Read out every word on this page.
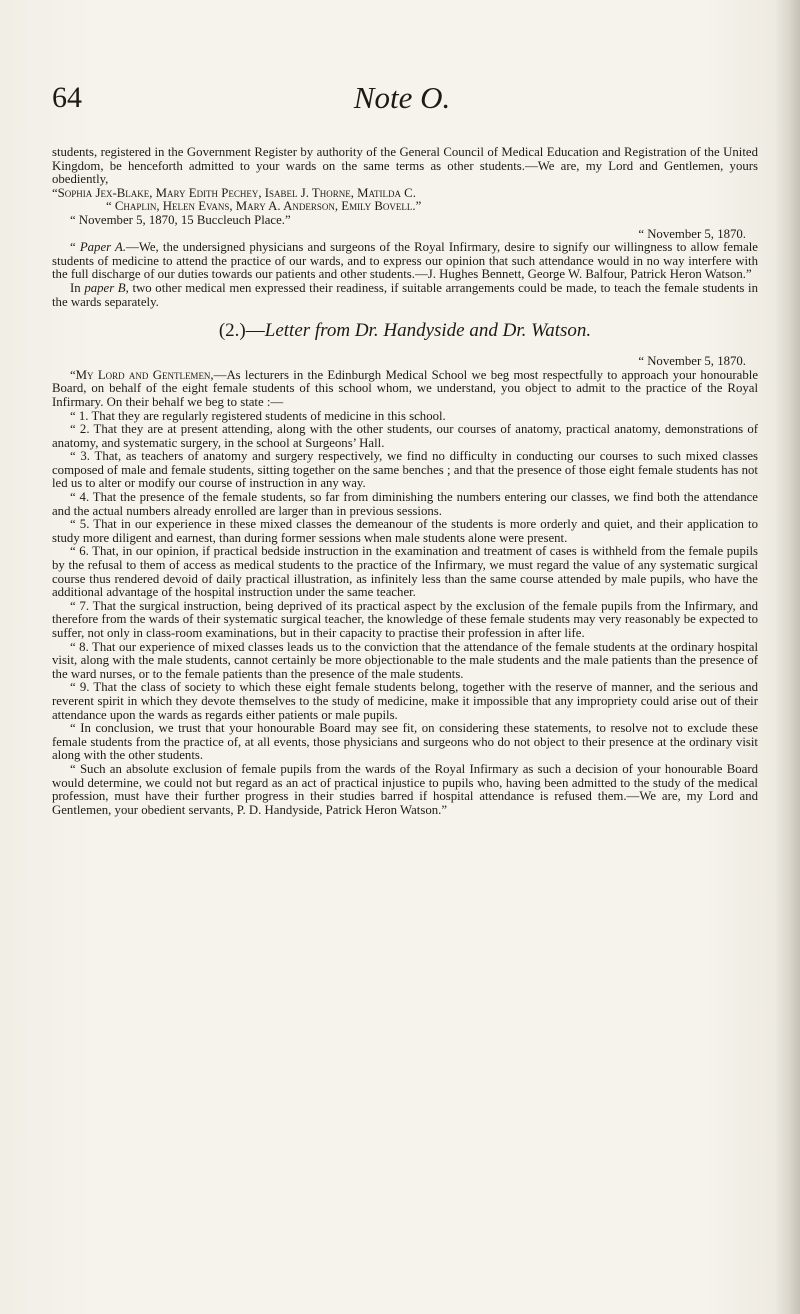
64	Note O.

students, registered in the Government Register by authority of the General Council of Medical Education and Registration of the United Kingdom, be henceforth admitted to your wards on the same terms as other students.—We are, my Lord and Gentlemen, yours obediently,

“Sophia Jex-Blake, Mary Edith Pechey, Isabel J. Thorne, Matilda C.

“ Chaplin, Helen Evans, Mary A. Anderson, Emily Bovell.”

“ November 5, 1870, 15 Buccleuch Place.”

“ November 5, 1870.

“ Paper A.—We, the undersigned physicians and surgeons of the Royal Infirmary, desire to signify our willingness to allow female students of medicine to attend the practice of our wards, and to express our opinion that such attendance would in no way interfere with the full discharge of our duties towards our patients and other students.—J. Hughes Bennett, George W. Balfour, Patrick Heron Watson.”

In paper B, two other medical men expressed their readiness, if suitable arrangements could be made, to teach the female students in the wards separately.

(2.)—Letter from Dr. Handyside and Dr. Watson.

“ November 5, 1870.

“My Lord and Gentlemen,—As lecturers in the Edinburgh Medical School we beg most respectfully to approach your honourable Board, on behalf of the eight female students of this school whom, we understand, you object to admit to the practice of the Royal Infirmary. On their behalf we beg to state :—

“ 1. That they are regularly registered students of medicine in this school.

“ 2. That they are at present attending, along with the other students, our courses of anatomy, practical anatomy, demonstrations of anatomy, and systematic surgery, in the school at Surgeons’ Hall.

“ 3. That, as teachers of anatomy and surgery respectively, we find no difficulty in conducting our courses to such mixed classes composed of male and female students, sitting together on the same benches ; and that the presence of those eight female students has not led us to alter or modify our course of instruction in any way.

“ 4. That the presence of the female students, so far from diminishing the numbers entering our classes, we find both the attendance and the actual numbers already enrolled are larger than in previous sessions.

“ 5. That in our experience in these mixed classes the demeanour of the students is more orderly and quiet, and their application to study more diligent and earnest, than during former sessions when male students alone were present.

“ 6. That, in our opinion, if practical bedside instruction in the examination and treatment of cases is withheld from the female pupils by the refusal to them of access as medical students to the practice of the Infirmary, we must regard the value of any systematic surgical course thus rendered devoid of daily practical illustration, as infinitely less than the same course attended by male pupils, who have the additional advantage of the hospital instruction under the same teacher.

“ 7. That the surgical instruction, being deprived of its practical aspect by the exclusion of the female pupils from the Infirmary, and therefore from the wards of their systematic surgical teacher, the knowledge of these female students may very reasonably be expected to suffer, not only in class-room examinations, but in their capacity to practise their profession in after life.

“ 8. That our experience of mixed classes leads us to the conviction that the attendance of the female students at the ordinary hospital visit, along with the male students, cannot certainly be more objectionable to the male students and the male patients than the presence of the ward nurses, or to the female patients than the presence of the male students.

“ 9. That the class of society to which these eight female students belong, together with the reserve of manner, and the serious and reverent spirit in which they devote themselves to the study of medicine, make it impossible that any impropriety could arise out of their attendance upon the wards as regards either patients or male pupils.

“ In conclusion, we trust that your honourable Board may see fit, on considering these statements, to resolve not to exclude these female students from the practice of, at all events, those physicians and surgeons who do not object to their presence at the ordinary visit along with the other students.

“ Such an absolute exclusion of female pupils from the wards of the Royal Infirmary as such a decision of your honourable Board would determine, we could not but regard as an act of practical injustice to pupils who, having been admitted to the study of the medical profession, must have their further progress in their studies barred if hospital attendance is refused them.—We are, my Lord and Gentlemen, your obedient servants, P. D. Handyside, Patrick Heron Watson.”
